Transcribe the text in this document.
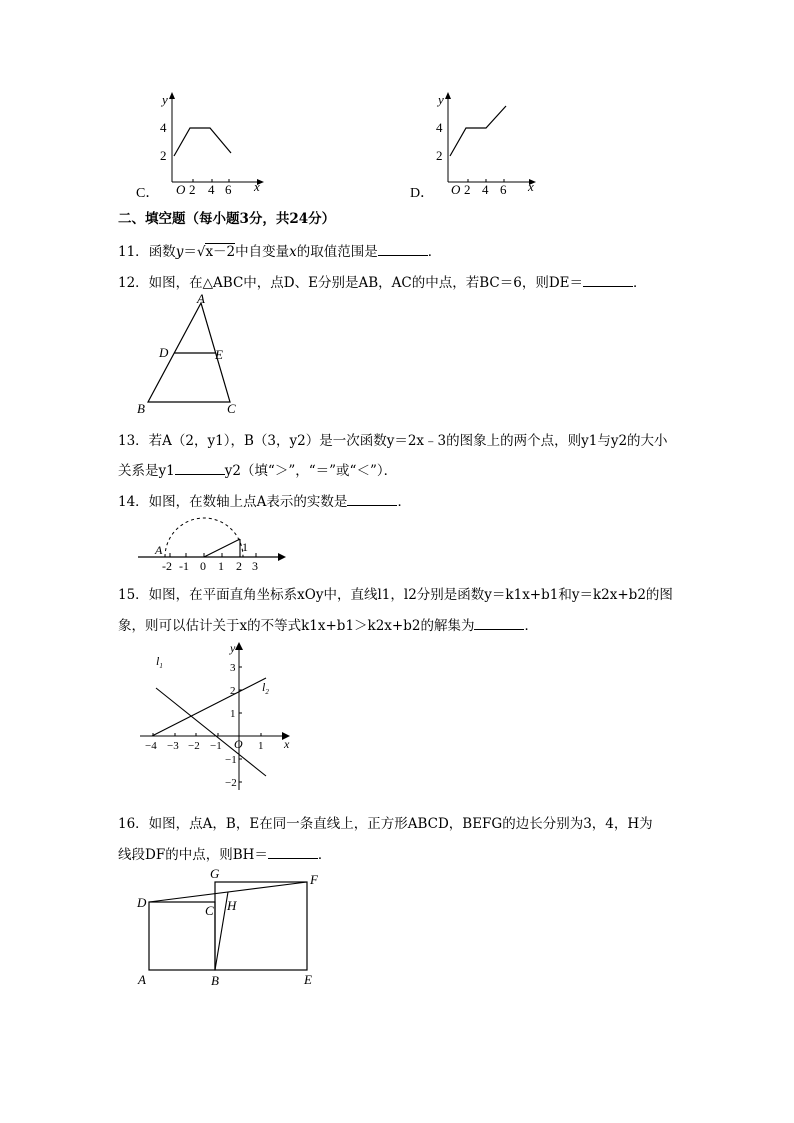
C．
y
x
O
2
4
2 4 6	D．
y
x
O
2
4
2 4 6
二、填空题（每小题3分，共24分）
11．函数y＝√x－2中自变量x的取值范围是	．
12．如图，在△ABC中，点D、E分别是AB，AC的中点，若BC＝6，则DE＝	．
A
D	E
B	C
13．若A（2，y1），B（3，y2）是一次函数y＝2x﹣3的图象上的两个点，则y1与y2的大小
关系是y1	y2（填“＞”，“＝”或“＜”）．
14．如图，在数轴上点A表示的实数是	．
A	1
-2 -1 0 1 2 3
15．如图，在平面直角坐标系xOy中，直线l1，l2分别是函数y＝k1x+b1和y＝k2x+b2的图
象，则可以估计关于x的不等式k1x+b1＞k2x+b2的解集为	．
y
x
O
$l_1$
$l_2$
−4 −3 −2 −1	1
3
2
1
−1
−2
16．如图，点A，B，E在同一条直线上，正方形ABCD，BEFG的边长分别为3，4，H为
线段DF的中点，则BH＝	．
G	F
D
C H
A	B	E
